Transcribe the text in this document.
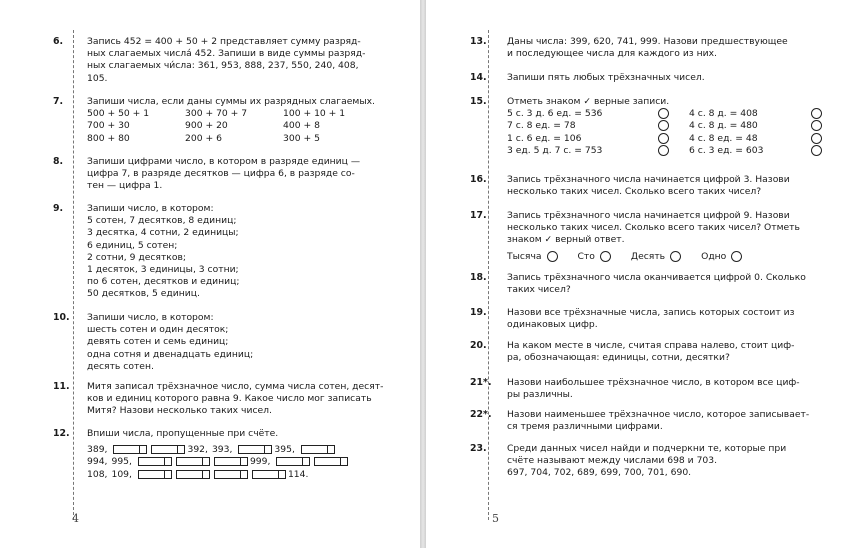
6.	Запись 452 = 400 + 50 + 2 представляет сумму разряд-
ных слагаемых числа́ 452. Запиши в виде суммы разряд-
ных слагаемых чи́сла: 361, 953, 888, 237, 550, 240, 408,
105.
7.	Запиши числа, если даны суммы их разрядных слагаемых.
500 + 50 + 1	300 + 70 + 7	100 + 10 + 1
700 + 30	900 + 20	400 + 8
800 + 80	200 + 6	300 + 5
8.	Запиши цифрами число, в котором в разряде единиц —
цифра 7, в разряде десятков — цифра 6, в разряде со-
тен — цифра 1.
9.	Запиши число, в котором:
5 сотен, 7 десятков, 8 единиц;
3 десятка, 4 сотни, 2 единицы;
6 единиц, 5 сотен;
2 сотни, 9 десятков;
1 десяток, 3 единицы, 3 сотни;
по 6 сотен, десятков и единиц;
50 десятков, 5 единиц.
10. Запиши число, в котором:
шесть сотен и один десяток;
девять сотен и семь единиц;
одна сотня и двенадцать единиц;
десять сотен.
11. Митя записал трёхзначное число, сумма числа сотен, десят-
ков и единиц которого равна 9. Какое число мог записать
Митя? Назови несколько таких чисел.
12. Впиши числа, пропущенные при счёте.
389,	392, 393,	395,
994, 995,	999,
108, 109,	114.
4
13. Даны числа: 399, 620, 741, 999. Назови предшествующее
и последующее числа для каждого из них.
14. Запиши пять любых трёхзначных чисел.
15. Отметь знаком ✓ верные записи.
5 с. 3 д. 6 ед. = 536	4 с. 8 д. = 408
7 с. 8 ед. = 78	4 с. 8 д. = 480
1 с. 6 ед. = 106	4 с. 8 ед. = 48
3 ед. 5 д. 7 с. = 753	6 с. 3 ед. = 603
16. Запись трёхзначного числа начинается цифрой 3. Назови
несколько таких чисел. Сколько всего таких чисел?
17. Запись трёхзначного числа начинается цифрой 9. Назови
несколько таких чисел. Сколько всего таких чисел? Отметь
знаком ✓ верный ответ.
Тысяча	Сто	Десять	Одно
18. Запись трёхзначного числа оканчивается цифрой 0. Сколько
таких чисел?
19. Назови все трёхзначные числа, запись которых состоит из
одинаковых цифр.
20. На каком месте в числе, считая справа налево, стоит циф-
ра, обозначающая: единицы, сотни, десятки?
21*. Назови наибольшее трёхзначное число, в котором все циф-
ры различны.
22*. Назови наименьшее трёхзначное число, которое записывает-
ся тремя различными цифрами.
23. Среди данных чисел найди и подчеркни те, которые при
счёте называют между числами 698 и 703.
697, 704, 702, 689, 699, 700, 701, 690.
5
